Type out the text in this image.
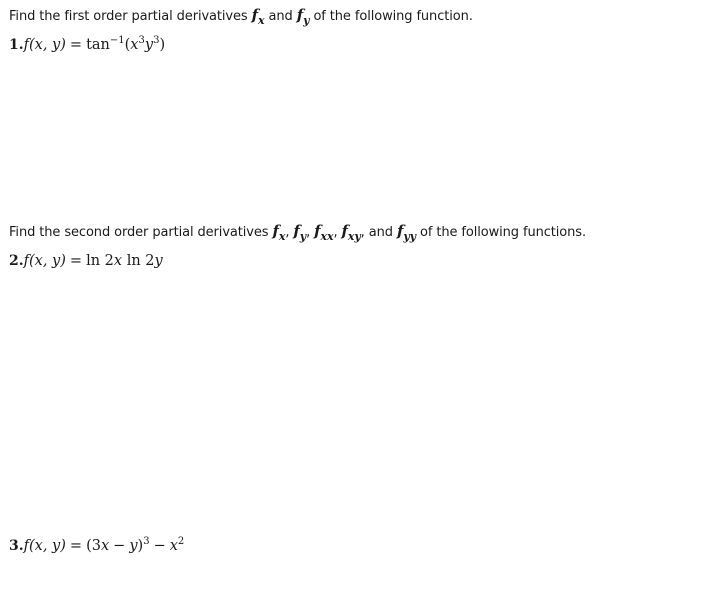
Find the first order partial derivatives $f_x$ and $f_y$ of the following function.
1.f(x, $y) = \tan^{-1}(x^3y^3)$
Find the second order partial derivatives $f_x$, $f_y$, $f_{xx}$, $f_{xy}$, and $f_{yy}$ of the following functions.
2.f(x, y) = ln 2x ln 2y
3.f(x, $y) = (3x - y)^3 - x^2$
